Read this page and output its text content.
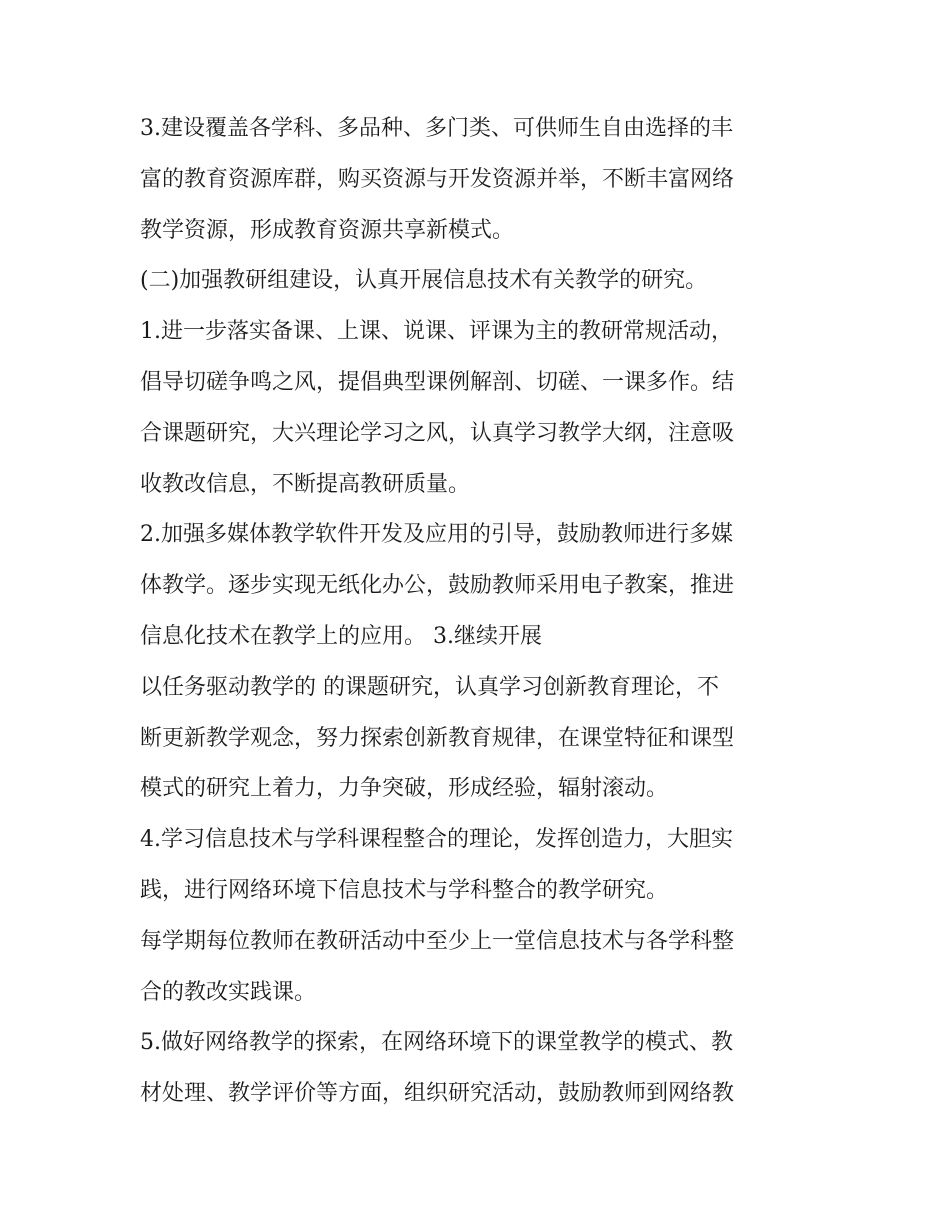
3.建设覆盖各学科、多品种、多门类、可供师生自由选择的丰
富的教育资源库群，购买资源与开发资源并举，不断丰富网络
教学资源，形成教育资源共享新模式。
(二)加强教研组建设，认真开展信息技术有关教学的研究。
1.进一步落实备课、上课、说课、评课为主的教研常规活动，
倡导切磋争鸣之风，提倡典型课例解剖、切磋、一课多作。结
合课题研究，大兴理论学习之风，认真学习教学大纲，注意吸
收教改信息，不断提高教研质量。
2.加强多媒体教学软件开发及应用的引导，鼓励教师进行多媒
体教学。逐步实现无纸化办公，鼓励教师采用电子教案，推进
信息化技术在教学上的应用。 3.继续开展
以任务驱动教学的 的课题研究，认真学习创新教育理论，不
断更新教学观念，努力探索创新教育规律，在课堂特征和课型
模式的研究上着力，力争突破，形成经验，辐射滚动。
4.学习信息技术与学科课程整合的理论，发挥创造力，大胆实
践，进行网络环境下信息技术与学科整合的教学研究。
每学期每位教师在教研活动中至少上一堂信息技术与各学科整
合的教改实践课。
5.做好网络教学的探索，在网络环境下的课堂教学的模式、教
材处理、教学评价等方面，组织研究活动，鼓励教师到网络教
